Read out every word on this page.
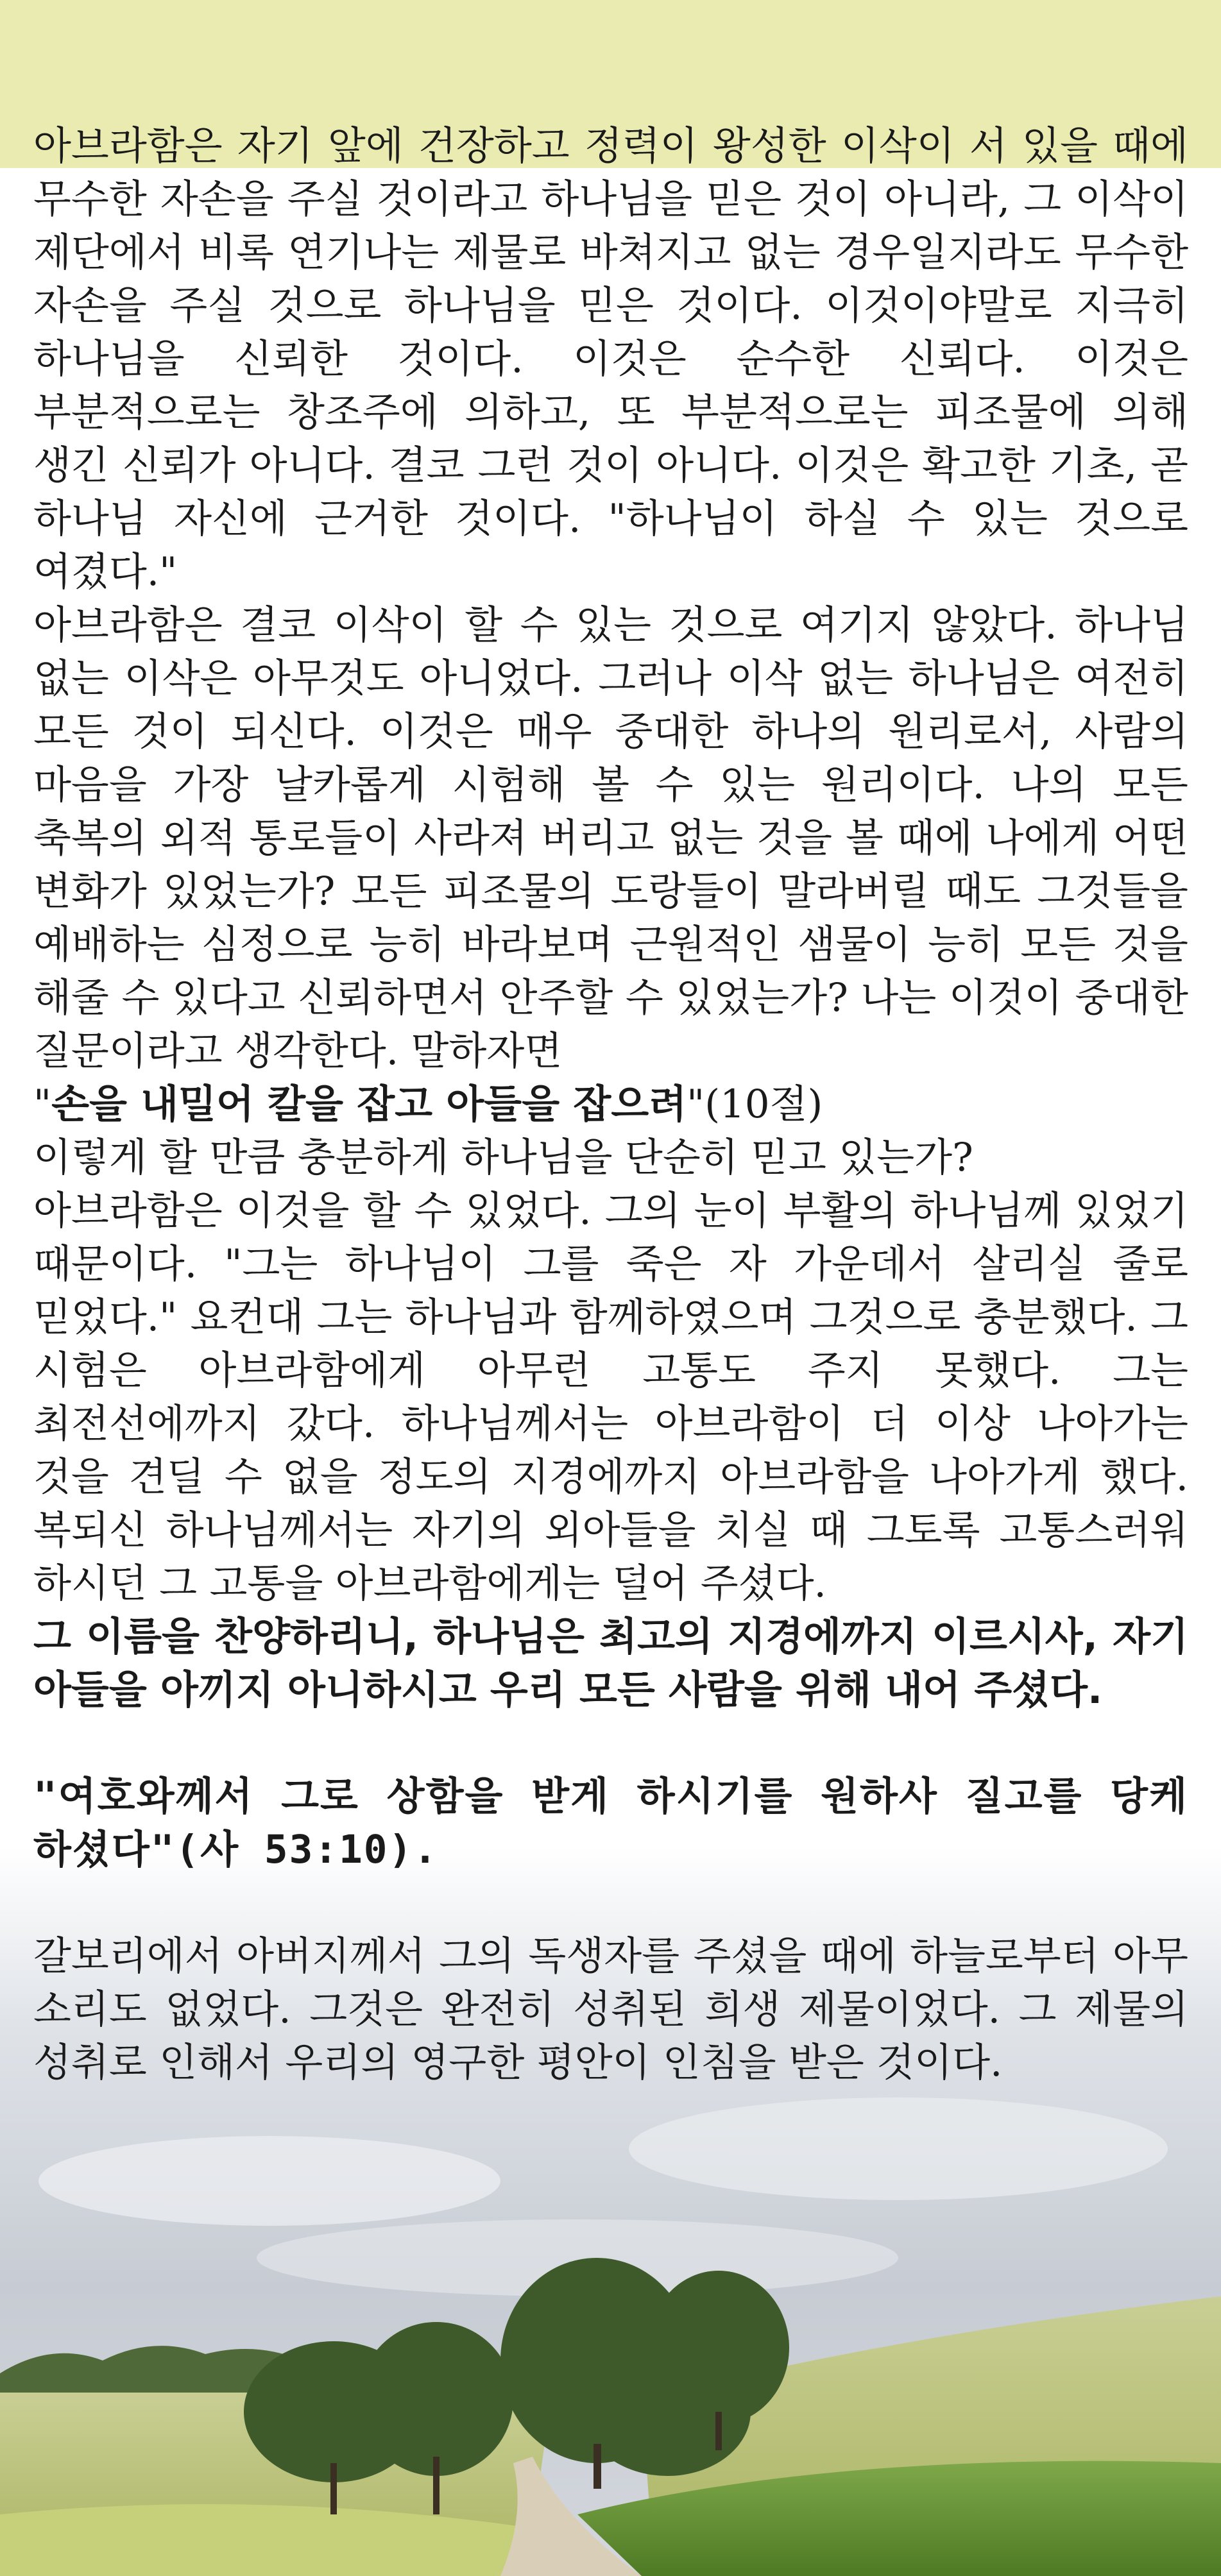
아브라함은 자기 앞에 건장하고 정력이 왕성한 이삭이 서 있을 때에 무수한 자손을 주실 것이라고 하나님을 믿은 것이 아니라, 그 이삭이 제단에서 비록 연기나는 제물로 바쳐지고 없는 경우일지라도 무수한 자손을 주실 것으로 하나님을 믿은 것이다. 이것이야말로 지극히 하나님을 신뢰한 것이다. 이것은 순수한 신뢰다. 이것은 부분적으로는 창조주에 의하고, 또 부분적으로는 피조물에 의해 생긴 신뢰가 아니다. 결코 그런 것이 아니다. 이것은 확고한 기초, 곧 하나님 자신에 근거한 것이다. "하나님이 하실 수 있는 것으로 여겼다."

아브라함은 결코 이삭이 할 수 있는 것으로 여기지 않았다. 하나님 없는 이삭은 아무것도 아니었다. 그러나 이삭 없는 하나님은 여전히 모든 것이 되신다. 이것은 매우 중대한 하나의 원리로서, 사람의 마음을 가장 날카롭게 시험해 볼 수 있는 원리이다. 나의 모든 축복의 외적 통로들이 사라져 버리고 없는 것을 볼 때에 나에게 어떤 변화가 있었는가? 모든 피조물의 도랑들이 말라버릴 때도 그것들을 예배하는 심정으로 능히 바라보며 근원적인 샘물이 능히 모든 것을 해줄 수 있다고 신뢰하면서 안주할 수 있었는가? 나는 이것이 중대한 질문이라고 생각한다. 말하자면

"손을 내밀어 칼을 잡고 아들을 잡으려"(10절)

이렇게 할 만큼 충분하게 하나님을 단순히 믿고 있는가?

아브라함은 이것을 할 수 있었다. 그의 눈이 부활의 하나님께 있었기 때문이다. "그는 하나님이 그를 죽은 자 가운데서 살리실 줄로 믿었다." 요컨대 그는 하나님과 함께하였으며 그것으로 충분했다. 그 시험은 아브라함에게 아무런 고통도 주지 못했다. 그는 최전선에까지 갔다. 하나님께서는 아브라함이 더 이상 나아가는 것을 견딜 수 없을 정도의 지경에까지 아브라함을 나아가게 했다. 복되신 하나님께서는 자기의 외아들을 치실 때 그토록 고통스러워 하시던 그 고통을 아브라함에게는 덜어 주셨다.

그 이름을 찬양하리니, 하나님은 최고의 지경에까지 이르시사, 자기 아들을 아끼지 아니하시고 우리 모든 사람을 위해 내어 주셨다.

"여호와께서 그로 상함을 받게 하시기를 원하사 질고를 당케 하셨다"(사 53:10).

갈보리에서 아버지께서 그의 독생자를 주셨을 때에 하늘로부터 아무 소리도 없었다. 그것은 완전히 성취된 희생 제물이었다. 그 제물의 성취로 인해서 우리의 영구한 평안이 인침을 받은 것이다.
